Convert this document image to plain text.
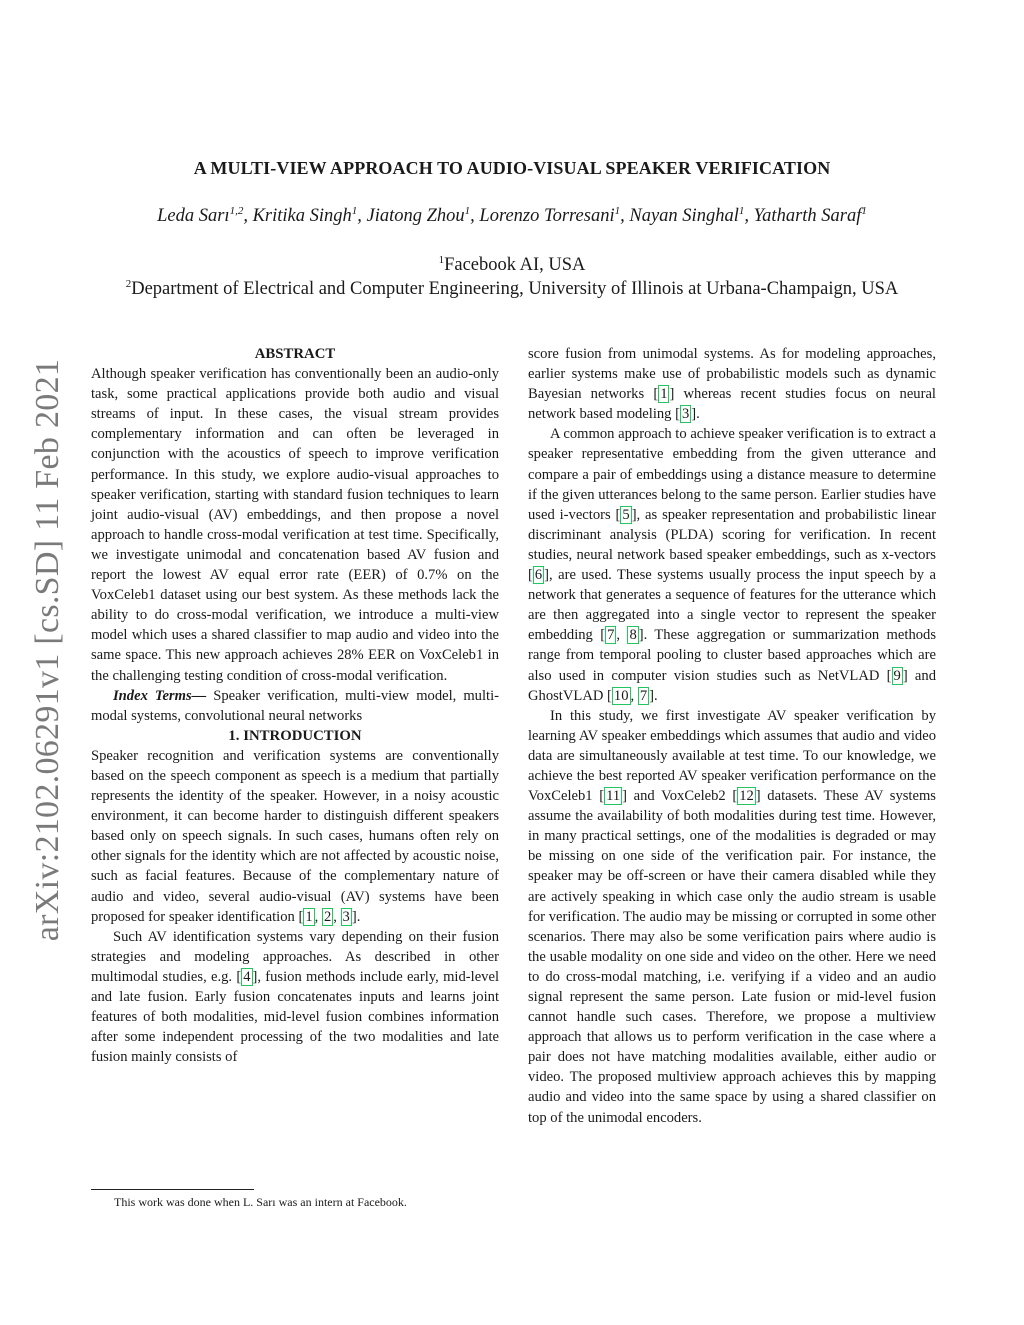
arXiv:2102.06291v1 [cs.SD] 11 Feb 2021
A MULTI-VIEW APPROACH TO AUDIO-VISUAL SPEAKER VERIFICATION
Leda Sarı$^{1,2}$, Kritika Singh$^1$, Jiatong Zhou$^1$, Lorenzo Torresani$^1$, Nayan Singhal$^1$, Yatharth Saraf$^1$
$^1$Facebook AI, USA
$^2$Department of Electrical and Computer Engineering, University of Illinois at Urbana-Champaign, USA

ABSTRACT

Although speaker verification has conventionally been an audio-only task, some practical applications provide both audio and visual streams of input. In these cases, the visual stream provides complementary information and can often be leveraged in conjunction with the acoustics of speech to improve verification performance. In this study, we explore audio-visual approaches to speaker verification, starting with standard fusion techniques to learn joint audio-visual (AV) embeddings, and then propose a novel approach to handle cross-modal verification at test time. Specifically, we investigate unimodal and concatenation based AV fusion and report the lowest AV equal error rate (EER) of 0.7% on the VoxCeleb1 dataset using our best system. As these methods lack the ability to do cross-modal verification, we introduce a multi-view model which uses a shared classifier to map audio and video into the same space. This new approach achieves 28% EER on VoxCeleb1 in the challenging testing condition of cross-modal verification.

Index Terms— Speaker verification, multi-view model, multi-modal systems, convolutional neural networks

1. INTRODUCTION

Speaker recognition and verification systems are conventionally based on the speech component as speech is a medium that partially represents the identity of the speaker. However, in a noisy acoustic environment, it can become harder to distinguish different speakers based only on speech signals. In such cases, humans often rely on other signals for the identity which are not affected by acoustic noise, such as facial features. Because of the complementary nature of audio and video, several audio-visual (AV) systems have been proposed for speaker identification [ 1 , 2 , 3 ].

Such AV identification systems vary depending on their fusion strategies and modeling approaches. As described in other multimodal studies, e.g. [ 4 ], fusion methods include early, mid-level and late fusion. Early fusion concatenates inputs and learns joint features of both modalities, mid-level fusion combines information after some independent processing of the two modalities and late fusion mainly consists of

score fusion from unimodal systems. As for modeling approaches, earlier systems make use of probabilistic models such as dynamic Bayesian networks [ 1 ] whereas recent studies focus on neural network based modeling [ 3 ].

A common approach to achieve speaker verification is to extract a speaker representative embedding from the given utterance and compare a pair of embeddings using a distance measure to determine if the given utterances belong to the same person. Earlier studies have used i-vectors [ 5 ], as speaker representation and probabilistic linear discriminant analysis (PLDA) scoring for verification. In recent studies, neural network based speaker embeddings, such as x-vectors [ 6 ], are used. These systems usually process the input speech by a network that generates a sequence of features for the utterance which are then aggregated into a single vector to represent the speaker embedding [ 7 , 8 ]. These aggregation or summarization methods range from temporal pooling to cluster based approaches which are also used in computer vision studies such as NetVLAD [ 9 ] and GhostVLAD [ 10 , 7 ].

In this study, we first investigate AV speaker verification by learning AV speaker embeddings which assumes that audio and video data are simultaneously available at test time. To our knowledge, we achieve the best reported AV speaker verification performance on the VoxCeleb1 [ 11 ] and VoxCeleb2 [ 12 ] datasets. These AV systems assume the availability of both modalities during test time. However, in many practical settings, one of the modalities is degraded or may be missing on one side of the verification pair. For instance, the speaker may be off-screen or have their camera disabled while they are actively speaking in which case only the audio stream is usable for verification. The audio may be missing or corrupted in some other scenarios. There may also be some verification pairs where audio is the usable modality on one side and video on the other. Here we need to do cross-modal matching, i.e. verifying if a video and an audio signal represent the same person. Late fusion or mid-level fusion cannot handle such cases. Therefore, we propose a multiview approach that allows us to perform verification in the case where a pair does not have matching modalities available, either audio or video. The proposed multiview approach achieves this by mapping audio and video into the same space by using a shared classifier on top of the unimodal encoders.

This work was done when L. Sarı was an intern at Facebook.
